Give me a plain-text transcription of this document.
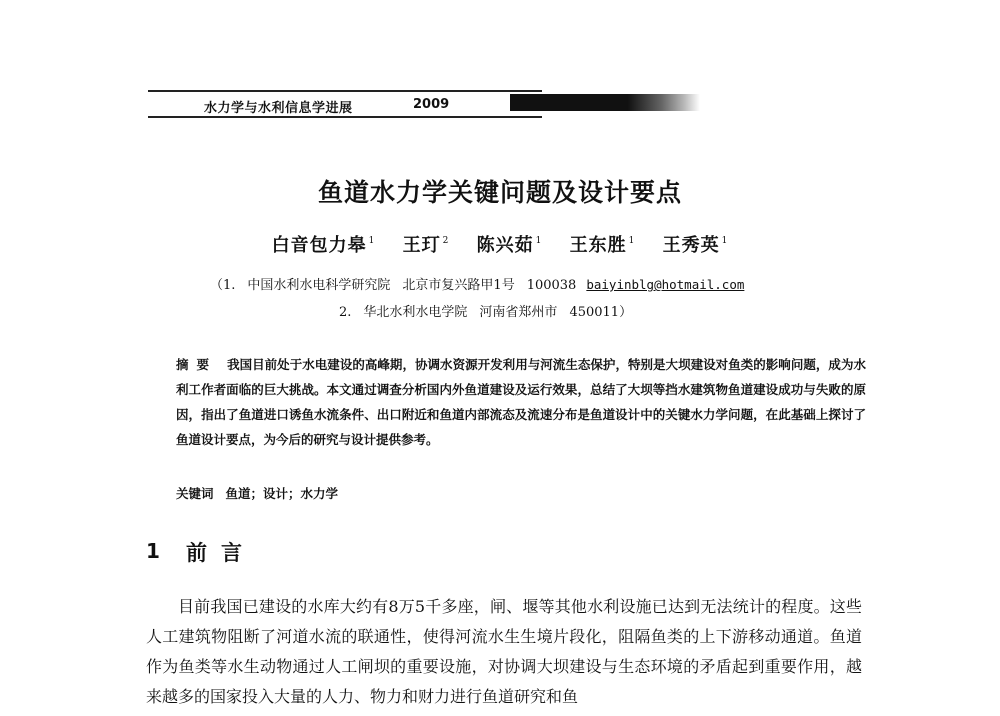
水力学与水利信息学进展	2009
鱼道水力学关键问题及设计要点
白音包力皋 $^1$ 王玎 $^2$ 陈兴茹 $^1$ 王东胜 $^1$ 王秀英 $^1$
（1. 中国水利水电科学研究院 北京市复兴路甲1号 100038 baiyinblg@hotmail.com
2. 华北水利水电学院 河南省郑州市 450011）
摘要 我国目前处于水电建设的高峰期，协调水资源开发利用与河流生态保护，特别是大坝建设对鱼类的影响问题，成为水利工作者面临的巨大挑战。本文通过调查分析国内外鱼道建设及运行效果，总结了大坝等挡水建筑物鱼道建设成功与失败的原因，指出了鱼道进口诱鱼水流条件、出口附近和鱼道内部流态及流速分布是鱼道设计中的关键水力学问题，在此基础上探讨了鱼道设计要点，为今后的研究与设计提供参考。
关键词 鱼道；设计；水力学
1 前言
目前我国已建设的水库大约有8万5千多座，闸、堰等其他水利设施已达到无法统计的程度。这些人工建筑物阻断了河道水流的联通性，使得河流水生生境片段化，阻隔鱼类的上下游移动通道。鱼道作为鱼类等水生动物通过人工闸坝的重要设施，对协调大坝建设与生态环境的矛盾起到重要作用，越来越多的国家投入大量的人力、物力和财力进行鱼道研究和鱼
